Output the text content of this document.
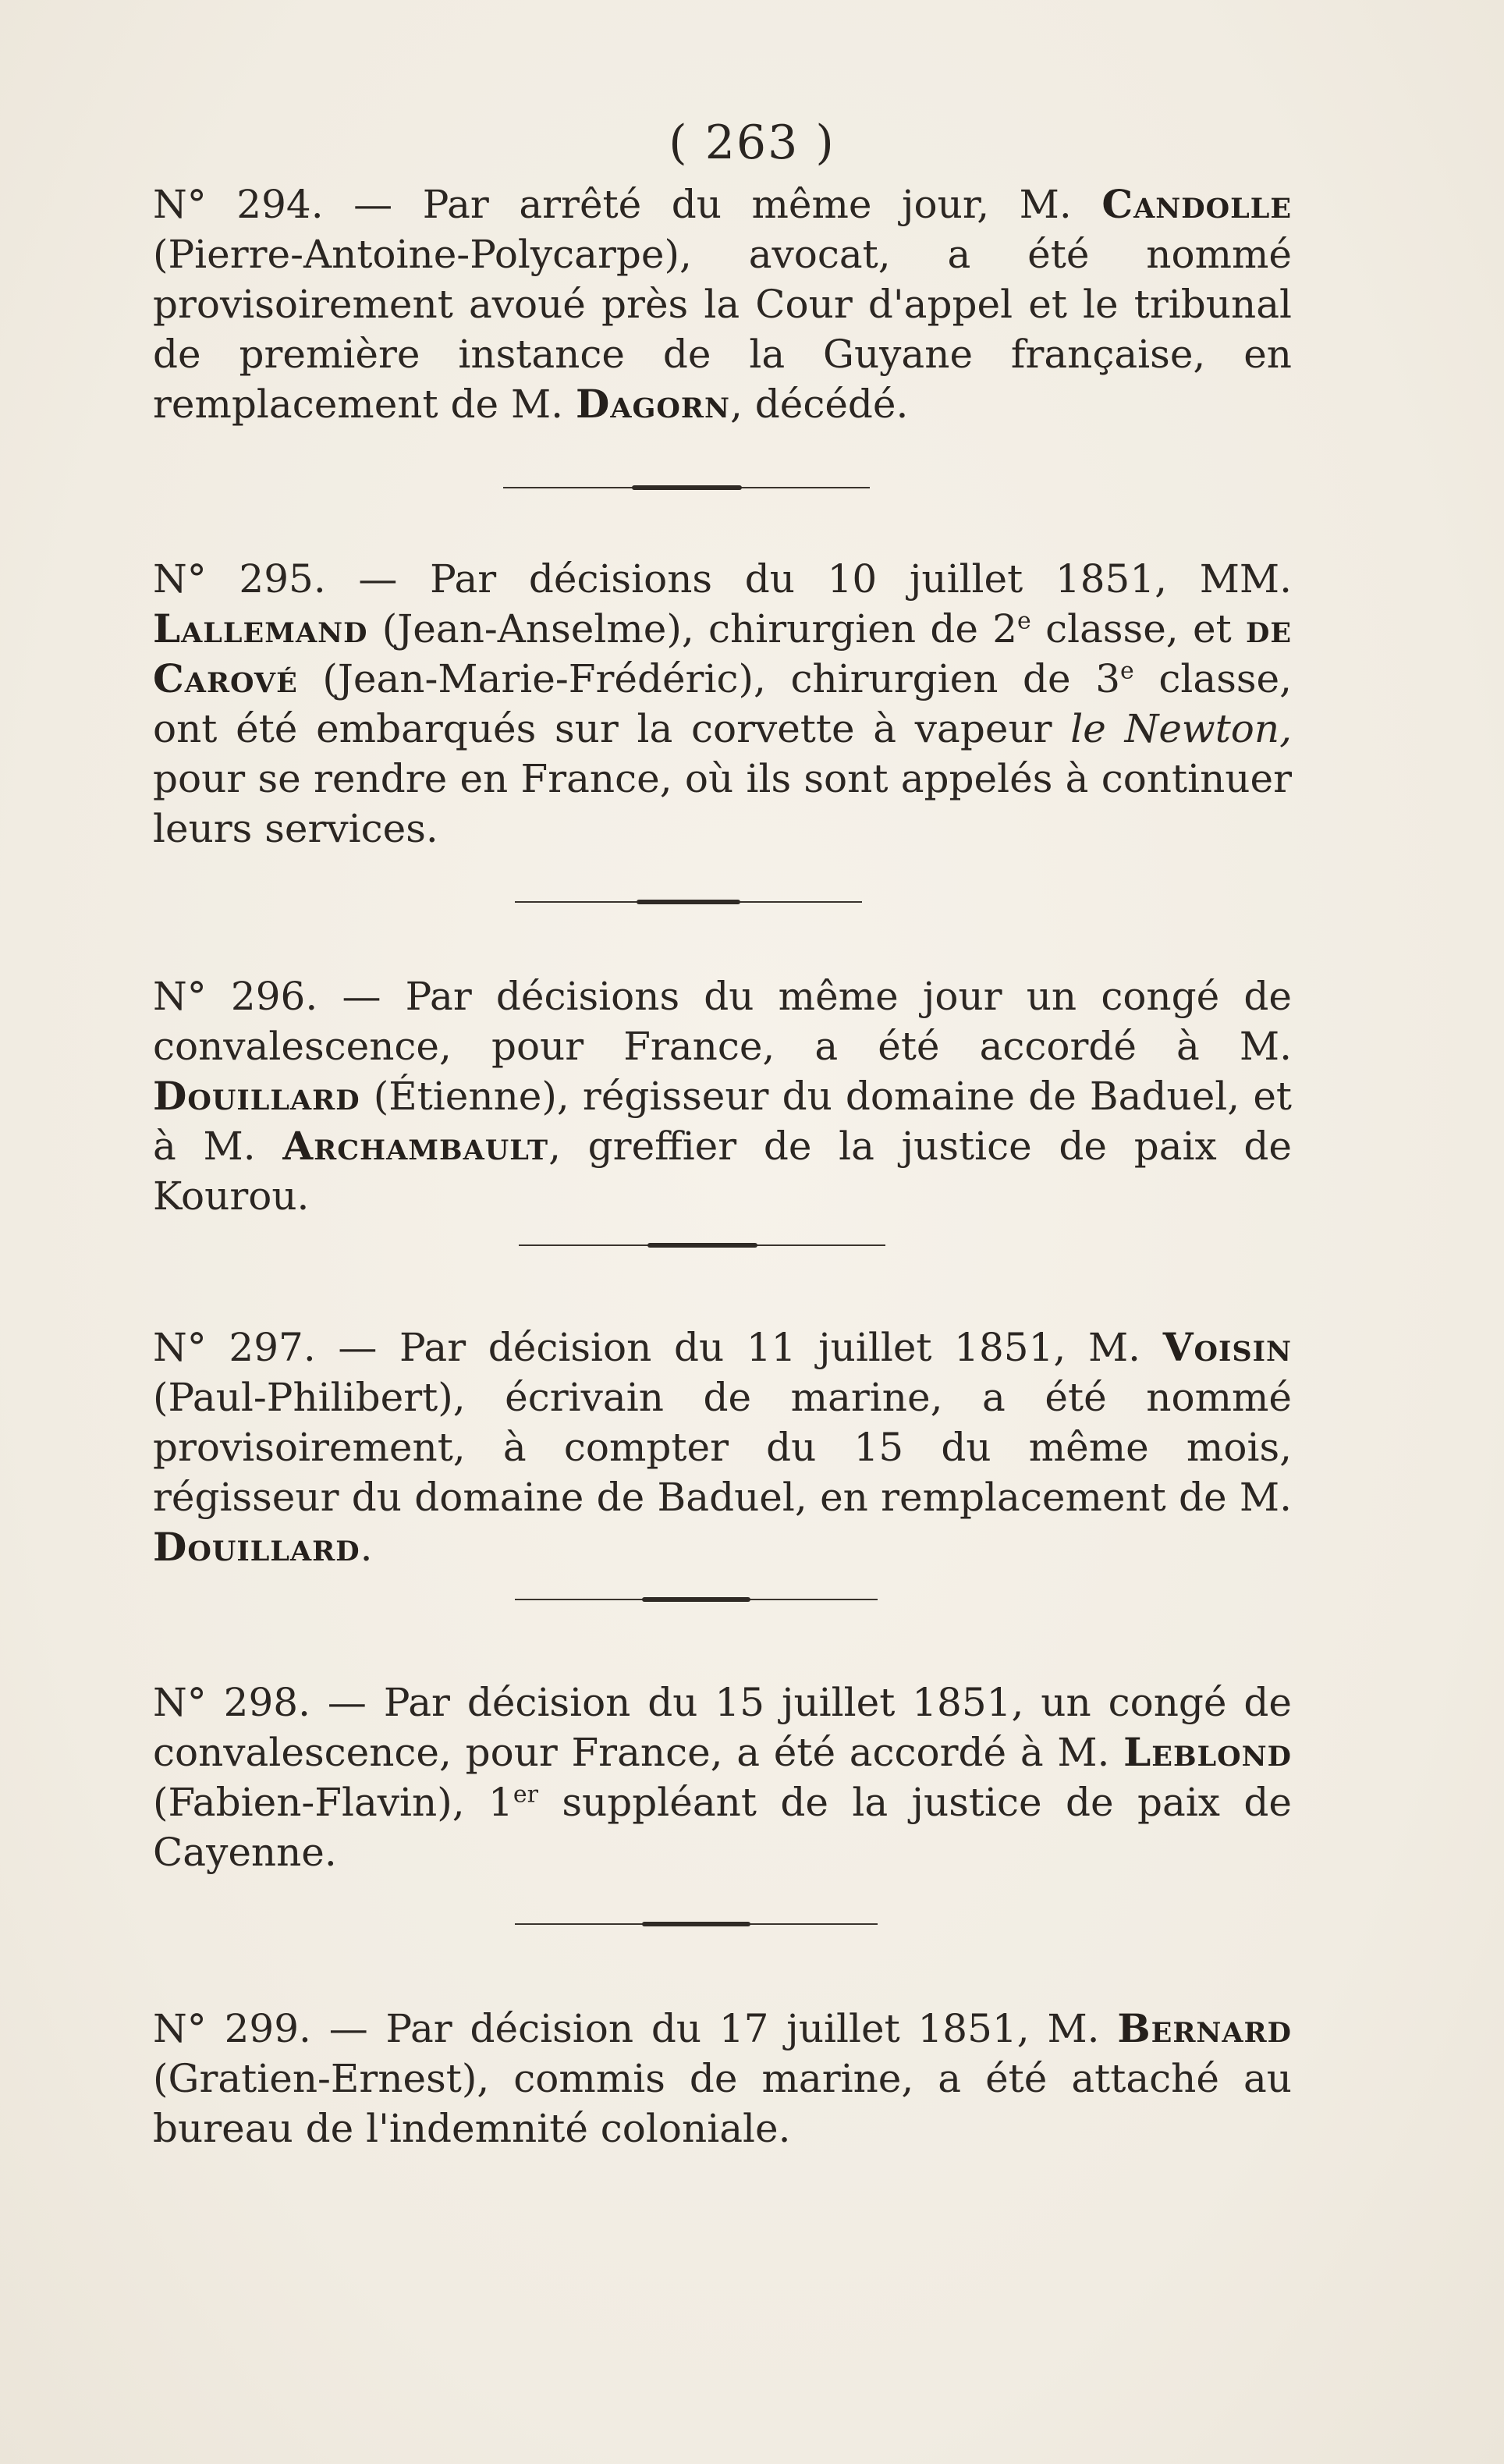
( 263 )
N° 294. — Par arrêté du même jour, M. Candolle (Pierre-Antoine-Polycarpe), avocat, a été nommé provisoirement avoué près la Cour d'appel et le tribunal de première instance de la Guyane française, en remplacement de M. Dagorn, décédé.
N° 295. — Par décisions du 10 juillet 1851, MM. Lallemand (Jean-Anselme), chirurgien de 2e classe, et de Carové (Jean-Marie-Frédéric), chirurgien de 3e classe, ont été embarqués sur la corvette à vapeur le Newton, pour se rendre en France, où ils sont appelés à continuer leurs services.
N° 296. — Par décisions du même jour un congé de convalescence, pour France, a été accordé à M. Douillard (Étienne), régisseur du domaine de Baduel, et à M. Archambault, greffier de la justice de paix de Kourou.
N° 297. — Par décision du 11 juillet 1851, M. Voisin (Paul-Philibert), écrivain de marine, a été nommé provisoirement, à compter du 15 du même mois, régisseur du domaine de Baduel, en remplacement de M. Douillard.
N° 298. — Par décision du 15 juillet 1851, un congé de convalescence, pour France, a été accordé à M. Leblond (Fabien-Flavin), 1er suppléant de la justice de paix de Cayenne.
N° 299. — Par décision du 17 juillet 1851, M. Bernard (Gratien-Ernest), commis de marine, a été attaché au bureau de l'indemnité coloniale.
